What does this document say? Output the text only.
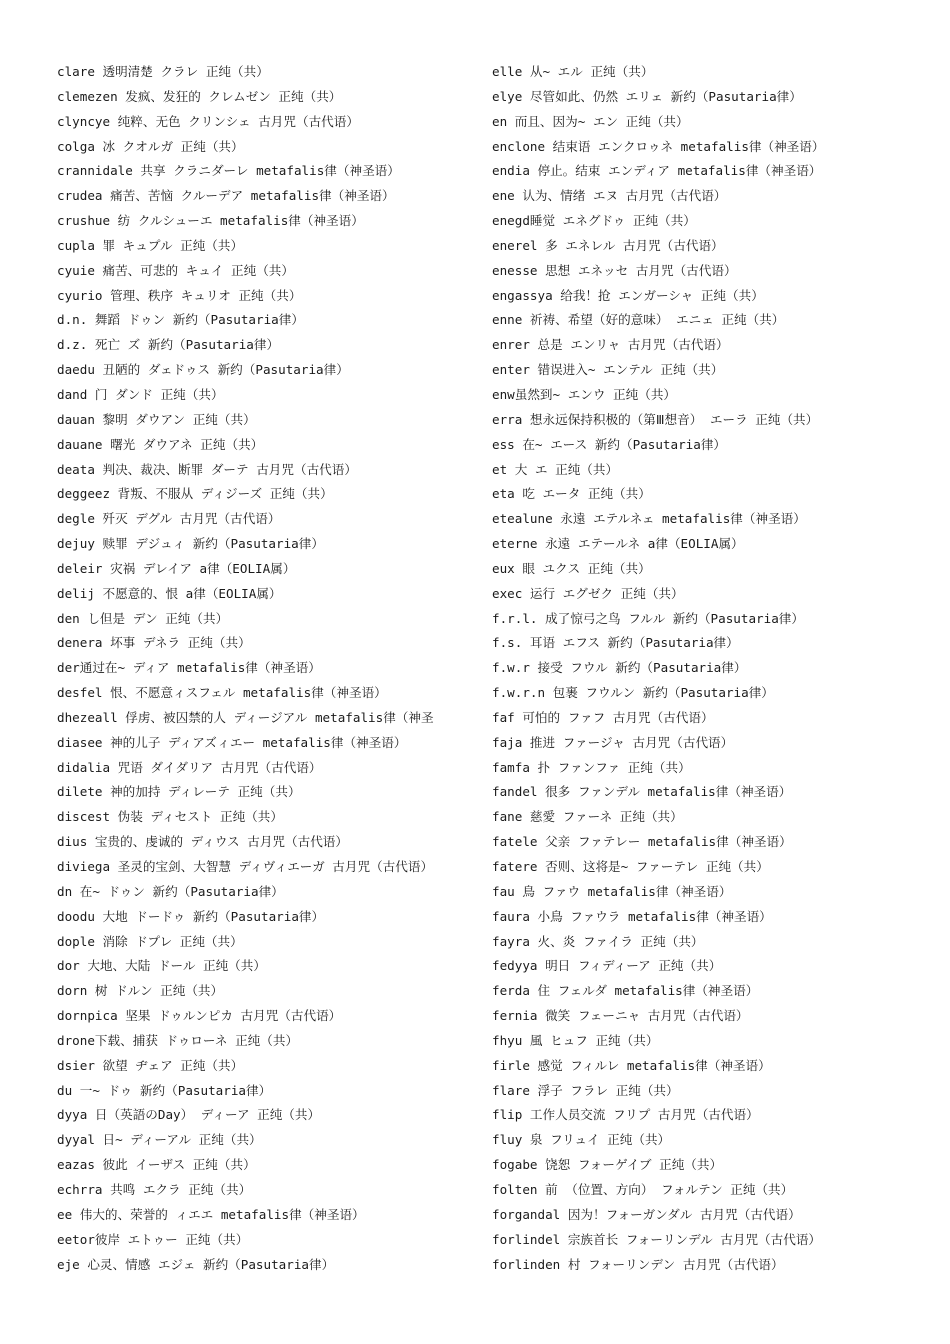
clare 透明清楚 クラレ 正纯（共）
clemezen 发疯、发狂的 クレムゼン 正纯（共）
clyncye 纯粹、无色 クリンシェ 古月咒（古代语）
colga 冰 クオルガ 正纯（共）
crannidale 共享 クラニダーレ metafalis律（神圣语）
crudea 痛苦、苦恼 クルーデア metafalis律（神圣语）
crushue 纺 クルシューエ metafalis律（神圣语）
cupla 罪 キュプル 正纯（共）
cyuie 痛苦、可悲的 キュイ 正纯（共）
cyurio 管理、秩序 キュリオ 正纯（共）
d.n. 舞蹈 ドゥン 新约（Pasutaria律）
d.z. 死亡 ズ 新约（Pasutaria律）
daedu 丑陋的 ダェドゥス 新约（Pasutaria律）
dand 门 ダンド 正纯（共）
dauan 黎明 ダウアン 正纯（共）
dauane 曙光 ダウアネ 正纯（共）
deata 判决、裁决、断罪 ダーテ 古月咒（古代语）
deggeez 背叛、不服从 ディジーズ 正纯（共）
degle 歼灭 デグル 古月咒（古代语）
dejuy 赎罪 デジュィ 新约（Pasutaria律）
deleir 灾祸 デレイア a律（EOLIA属）
delij 不愿意的、恨 a律（EOLIA属）
den し但是 デン 正纯（共）
denera 坏事 デネラ 正纯（共）
der通过在~ ディア metafalis律（神圣语）
desfel 恨、不愿意ィスフェル metafalis律（神圣语）
dhezeall 俘虏、被囚禁的人 ディージアル metafalis律（神圣
diasee 神的儿子 ディアズィエー metafalis律（神圣语）
didalia 咒语 ダイダリア 古月咒（古代语）
dilete 神的加持 ディレーテ 正纯（共）
discest 伪装 ディセスト 正纯（共）
dius 宝贵的、虔诚的 ディウス 古月咒（古代语）
diviega 圣灵的宝剑、大智慧 ディヴィエーガ 古月咒（古代语）
dn 在~ ドゥン 新约（Pasutaria律）
doodu 大地 ドードゥ 新约（Pasutaria律）
dople 消除 ドプレ 正纯（共）
dor 大地、大陆 ドール 正纯（共）
dorn 树 ドルン 正纯（共）
dornpica 坚果 ドゥルンピカ 古月咒（古代语）
drone下载、捕获 ドゥローネ 正纯（共）
dsier 欲望 ヂェア 正纯（共）
du 一~ ドゥ 新约（Pasutaria律）
dyya 日（英語のDay） ディーア 正纯（共）
dyyal 日~ ディーアル 正纯（共）
eazas 彼此 イーザス 正纯（共）
echrra 共鸣 エクラ 正纯（共）
ee 伟大的、荣誉的 ィエエ metafalis律（神圣语）
eetor彼岸 エトゥー 正纯（共）
eje 心灵、情感 エジェ 新约（Pasutaria律）
elle 从~ エル 正纯（共）
elye 尽管如此、仍然 エリェ 新约（Pasutaria律）
en 而且、因为~ エン 正纯（共）
enclone 结束语 エンクロゥネ metafalis律（神圣语）
endia 停止。结束 エンディア metafalis律（神圣语）
ene 认为、情绪 エヌ 古月咒（古代语）
enegd睡觉 エネグドゥ 正纯（共）
enerel 多 エネレル 古月咒（古代语）
enesse 思想 エネッセ 古月咒（古代语）
engassya 给我！抢 エンガーシャ 正纯（共）
enne 祈祷、希望（好的意味） エニェ 正纯（共）
enrer 总是 エンリャ 古月咒（古代语）
enter 错误进入~ エンテル 正纯（共）
enw虽然到~ エンウ 正纯（共）
erra 想永远保持积极的（第Ⅲ想音） エーラ 正纯（共）
ess 在~ エース 新约（Pasutaria律）
et 大 エ 正纯（共）
eta 吃 エータ 正纯（共）
etealune 永遠 エテルネェ metafalis律（神圣语）
eterne 永遠 エテールネ a律（EOLIA属）
eux 眼 ユクス 正纯（共）
exec 运行 エグゼク 正纯（共）
f.r.l. 成了惊弓之鸟 フルル 新约（Pasutaria律）
f.s. 耳语 エフス 新约（Pasutaria律）
f.w.r 接受 フウル 新约（Pasutaria律）
f.w.r.n 包裹 フウルン 新约（Pasutaria律）
faf 可怕的 ファフ 古月咒（古代语）
faja 推进 ファージャ 古月咒（古代语）
famfa 扑 ファンファ 正纯（共）
fandel 很多 ファンデル metafalis律（神圣语）
fane 慈愛 ファーネ 正纯（共）
fatele 父亲 ファテレー metafalis律（神圣语）
fatere 否则、这将是~ ファーテレ 正纯（共）
fau 鳥 ファウ metafalis律（神圣语）
faura 小鳥 ファウラ metafalis律（神圣语）
fayra 火、炎 ファイラ 正纯（共）
fedyya 明日 フィディーア 正纯（共）
ferda 住 フェルダ metafalis律（神圣语）
fernia 微笑 フェーニャ 古月咒（古代语）
fhyu 風 ヒュフ 正纯（共）
firle 感觉 フィルレ metafalis律（神圣语）
flare 浮子 フラレ 正纯（共）
flip 工作人员交流 フリプ 古月咒（古代语）
fluy 泉 フリュイ 正纯（共）
fogabe 饶恕 フォーゲイブ 正纯（共）
folten 前 （位置、方向） フォルテン 正纯（共）
forgandal 因为！フォーガンダル 古月咒（古代语）
forlindel 宗族首长 フォーリンデル 古月咒（古代语）
forlinden 村 フォーリンデン 古月咒（古代语）
